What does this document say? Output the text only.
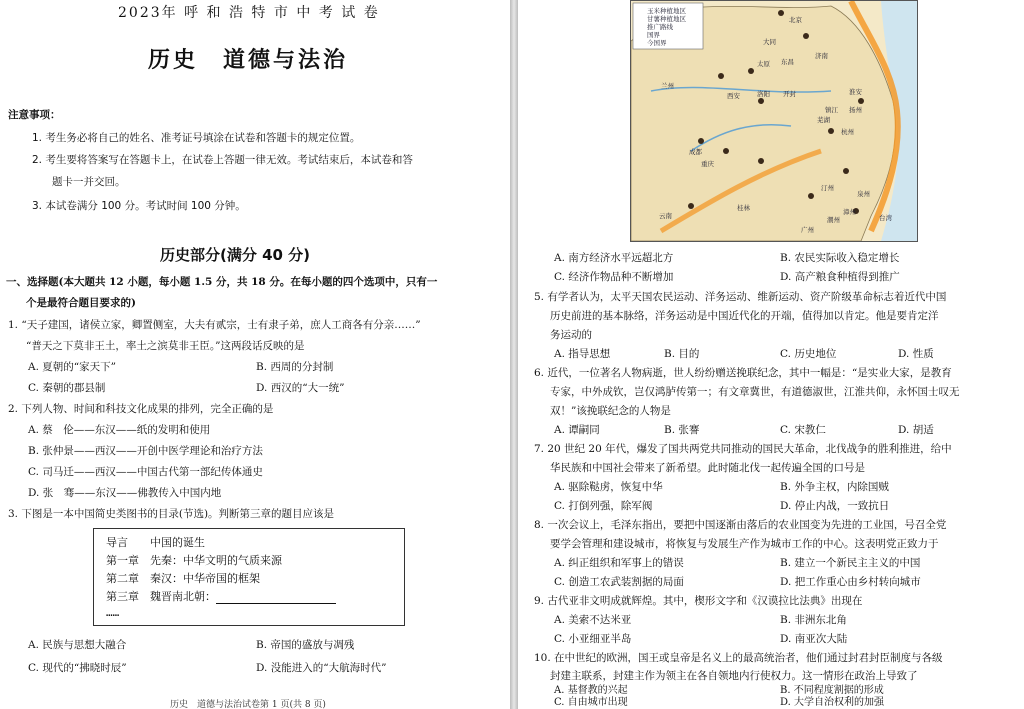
2023年 呼 和 浩 特 市 中 考 试 卷
历史　道德与法治
注意事项：
1. 考生务必将自己的姓名、准考证号填涂在试卷和答题卡的规定位置。
2. 考生要将答案写在答题卡上，在试卷上答题一律无效。考试结束后，本试卷和答
题卡一并交回。
3. 本试卷满分 100 分。考试时间 100 分钟。
历史部分(满分 40 分)
一、选择题(本大题共 12 小题，每小题 1.5 分，共 18 分。在每小题的四个选项中，只有一
个是最符合题目要求的)
1. “天子建国，诸侯立家，卿置侧室，大夫有贰宗，士有隶子弟，庶人工商各有分亲……”
“普天之下莫非王土，率土之滨莫非王臣。”这两段话反映的是
A. 夏朝的“家天下”	B. 西周的分封制
C. 秦朝的郡县制	D. 西汉的“大一统”
2. 下列人物、时间和科技文化成果的排列，完全正确的是
A. 蔡　伦——东汉——纸的发明和使用
B. 张仲景——西汉——开创中医学理论和治疗方法
C. 司马迁——西汉——中国古代第一部纪传体通史
D. 张　骞——东汉——佛教传入中国内地
3. 下图是一本中国简史类图书的目录(节选)。判断第三章的题目应该是
导言　　中国的诞生
第一章　先秦：中华文明的气质来源
第二章　秦汉：中华帝国的框架
第三章　魏晋南北朝：
……
A. 民族与思想大融合	B. 帝国的盛放与凋残
C. 现代的“拂晓时辰”	D. 没能进入的“大航海时代”
历史　道德与法治试卷第 1 页(共 8 页)
玉米种植地区
甘薯种植地区
推广路线
国界
今国界
北京
大同
太原
济南
东昌
兰州
西安	洛阳 开封	淮安
扬州
镇江
杭州
芜湖
成都
重庆
汀州
泉州
漳州
桂林
云南	台湾
潮州
广州
A. 南方经济水平远超北方	B. 农民实际收入稳定增长
C. 经济作物品种不断增加	D. 高产粮食种植得到推广
5. 有学者认为，太平天国农民运动、洋务运动、维新运动、资产阶级革命标志着近代中国
历史前进的基本脉络，洋务运动是中国近代化的开端，值得加以肯定。他是要肯定洋
务运动的
A. 指导思想	B. 目的	C. 历史地位	D. 性质
6. 近代，一位著名人物病逝，世人纷纷赠送挽联纪念，其中一幅是：“是实业大家，是教育
专家，中外成钦，岂仅鸿胪传第一；有文章冀世，有道德淑世，江淮共仰，永怀国士叹无
双！”该挽联纪念的人物是
A. 谭嗣同	B. 张謇	C. 宋教仁	D. 胡适
7. 20 世纪 20 年代，爆发了国共两党共同推动的国民大革命，北伐战争的胜利推进，给中
华民族和中国社会带来了新希望。此时随北伐一起传遍全国的口号是
A. 驱除鞑虏，恢复中华	B. 外争主权，内除国贼
C. 打倒列强，除军阀	D. 停止内战，一致抗日
8. 一次会议上，毛泽东指出，要把中国逐渐由落后的农业国变为先进的工业国，号召全党
要学会管理和建设城市，将恢复与发展生产作为城市工作的中心。这表明党正致力于
A. 纠正组织和军事上的错误	B. 建立一个新民主主义的中国
C. 创造工农武装割据的局面	D. 把工作重心由乡村转向城市
9. 古代亚非文明成就辉煌。其中，楔形文字和《汉谟拉比法典》出现在
A. 美索不达米亚	B. 非洲东北角
C. 小亚细亚半岛	D. 南亚次大陆
10. 在中世纪的欧洲，国王或皇帝是名义上的最高统治者，他们通过封君封臣制度与各级
封建主联系，封建主作为领主在各自领地内行使权力。这一情形在政治上导致了
A. 基督教的兴起	B. 不同程度割据的形成
C. 自由城市出现	D. 大学自治权利的加强
